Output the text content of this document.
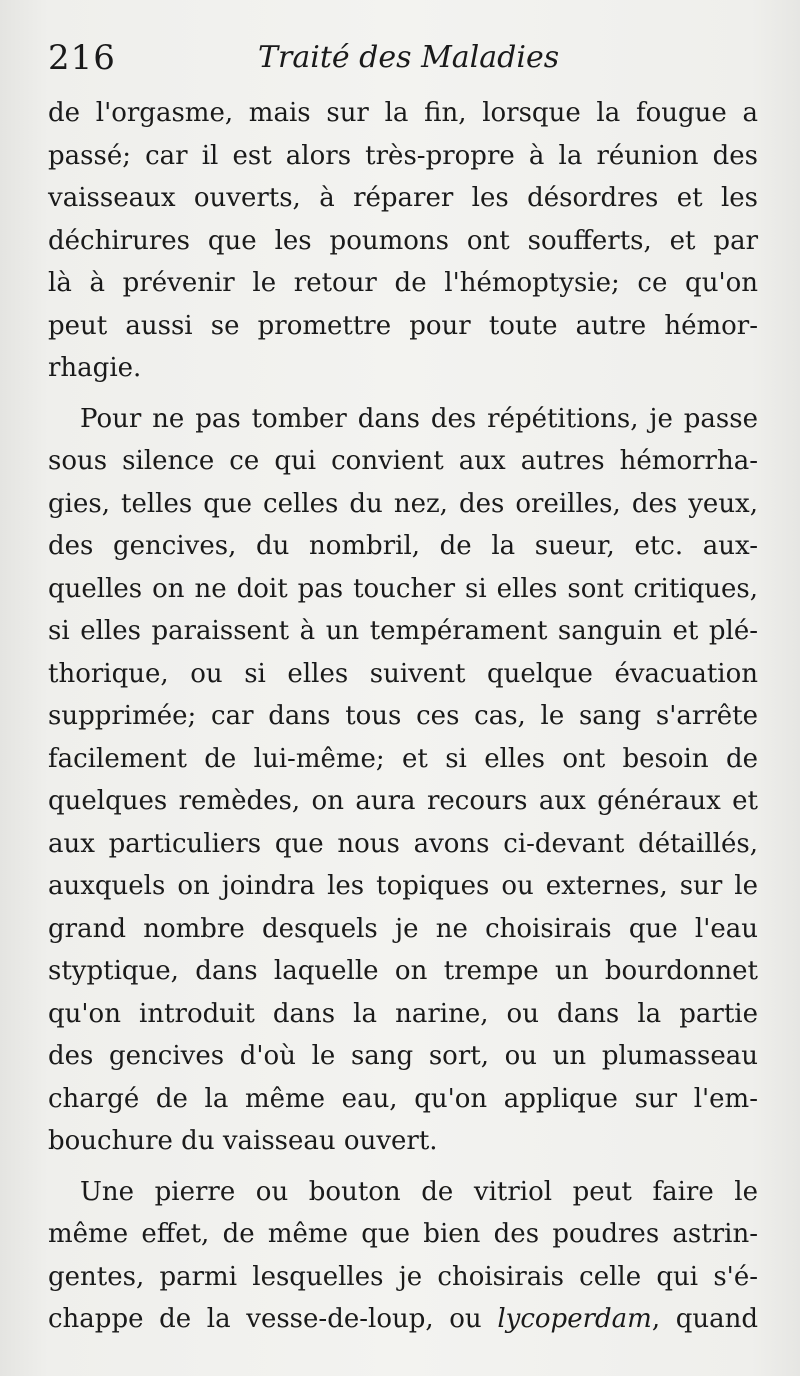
216	Traité des Maladies
de l'orgasme, mais sur la fin, lorsque la fougue a
passé; car il est alors très-propre à la réunion des
vaisseaux ouverts, à réparer les désordres et les
déchirures que les poumons ont soufferts, et par
là à prévenir le retour de l'hémoptysie; ce qu'on
peut aussi se promettre pour toute autre hémor-
rhagie.
Pour ne pas tomber dans des répétitions, je passe
sous silence ce qui convient aux autres hémorrha-
gies, telles que celles du nez, des oreilles, des yeux,
des gencives, du nombril, de la sueur, etc. aux-
quelles on ne doit pas toucher si elles sont critiques,
si elles paraissent à un tempérament sanguin et plé-
thorique, ou si elles suivent quelque évacuation
supprimée; car dans tous ces cas, le sang s'arrête
facilement de lui-même; et si elles ont besoin de
quelques remèdes, on aura recours aux généraux et
aux particuliers que nous avons ci-devant détaillés,
auxquels on joindra les topiques ou externes, sur le
grand nombre desquels je ne choisirais que l'eau
styptique, dans laquelle on trempe un bourdonnet
qu'on introduit dans la narine, ou dans la partie
des gencives d'où le sang sort, ou un plumasseau
chargé de la même eau, qu'on applique sur l'em-
bouchure du vaisseau ouvert.
Une pierre ou bouton de vitriol peut faire le
même effet, de même que bien des poudres astrin-
gentes, parmi lesquelles je choisirais celle qui s'é-
chappe de la vesse-de-loup, ou lycoperdam, quand
